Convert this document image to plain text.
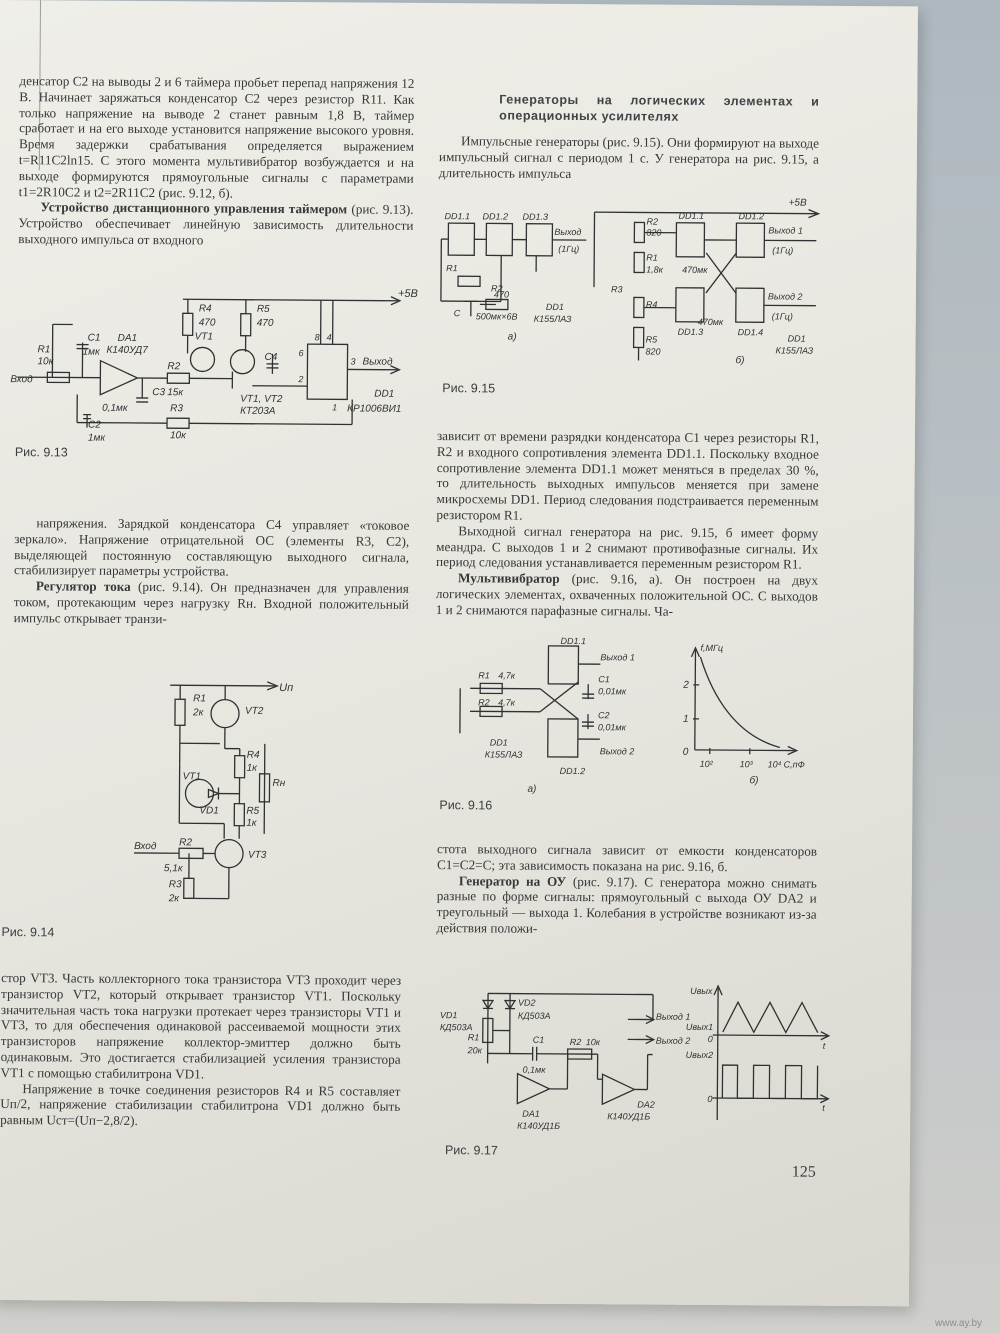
денсатор С2 на выводы 2 и 6 таймера пробьет перепад напряжения 12 В. Начинает заряжаться конденсатор С2 через резистор R11. Как только напряжение на выводе 2 станет равным 1,8 В, таймер сработает и на его выходе установится напряжение высокого уровня. Время задержки срабатывания определяется выражением t=R11C2ln15. С этого момента мультивибратор возбуждается и на выходе формируются прямоугольные сигналы с параметрами t1=2R10C2 и t2=2R11C2 (рис. 9.12, б).

Устройство дистанционного управления таймером (рис. 9.13). Устройство обеспечивает линейную зависимость длительности выходного импульса от входного

+5В
R1
10к
C1
1мк
DA1
К140УД7
R4
470
R5
470
VT1
C4
R2
15к
C3
0,1мк	R3
10к
C2
1мк
VT1, VT2
КТ203А
DD1
КР1006ВИ1
Вход
Выход
8 4
6
2
3
1
Рис. 9.13

напряжения. Зарядкой конденсатора С4 управляет «токовое зеркало». Напряжение отрицательной ОС (элементы R3, C2), выделяющей постоянную составляющую выходного сигнала, стабилизирует параметры устройства.

Регулятор тока (рис. 9.14). Он предназначен для управления током, протекающим через нагрузку Rн. Входной положительный импульс открывает транзи-

Uп
R1
2к	VT2
R4
1к
VT1
Rн
VD1	R5
1к
Вход R2
5,1к
VT3
R3
2к
Рис. 9.14

стор VT3. Часть коллекторного тока транзистора VT3 проходит через транзистор VT2, который открывает транзистор VT1. Поскольку значительная часть тока нагрузки протекает через транзисторы VT1 и VT3, то для обеспечения одинаковой рассеиваемой мощности этих транзисторов напряжение коллектор-эмиттер должно быть одинаковым. Это достигается стабилизацией усиления транзистора VT1 с помощью стабилитрона VD1.

Напряжение в точке соединения резисторов R4 и R5 составляет Uп/2, напряжение стабилизации стабилитрона VD1 должно быть равным Uст=(Uп−2,8/2).

Генераторы на логических элементах и операционных усилителях

Импульсные генераторы (рис. 9.15). Они формируют на выходе импульсный сигнал с периодом 1 с. У генератора на рис. 9.15, а длительность импульса

DD1.1 DD1.2 DD1.3
Выход
(1Гц)
R1
R2
470
C 500мк×6В
DD1
К155ЛАЗ
а)
+5В
R2
820
R1
1,8к
R3
R4
R5
820
DD1.1	DD1.2
DD1.3	DD1.4
470мк
470мк
Выход 1
(1Гц)
Выход 2
(1Гц)
DD1
К155ЛАЗ
б)
Рис. 9.15

зависит от времени разрядки конденсатора С1 через резисторы R1, R2 и входного сопротивления элемента DD1.1. Поскольку входное сопротивление элемента DD1.1 может меняться в пределах 30 %, то длительность выходных импульсов меняется при замене микросхемы DD1. Период следования подстраивается переменным резистором R1.

Выходной сигнал генератора на рис. 9.15, б имеет форму меандра. С выходов 1 и 2 снимают противофазные сигналы. Их период следования устанавливается переменным резистором R1.

Мультивибратор (рис. 9.16, а). Он построен на двух логических элементах, охваченных положительной ОС. С выходов 1 и 2 снимаются парафазные сигналы. Ча-

DD1.1
Выход 1
R1 4,7к	C1
0,01мк
R2 4,7к
C2
0,01мк
DD1
К155ЛАЗ	Выход 2
DD1.2
а)
f,МГц
2
1
0
10²	10³ 10⁴ C,пФ
б)
Рис. 9.16

стота выходного сигнала зависит от емкости конденсаторов С1=С2=С; эта зависимость показана на рис. 9.16, б.

Генератор на ОУ (рис. 9.17). С генератора можно снимать разные по форме сигналы: прямоугольный с выхода ОУ DA2 и треугольный — выхода 1. Колебания в устройстве возникают из-за действия положи-

VD1
КД503А
VD2
КД503А
R1
20к
C1
0,1мк
R2 10к
Выход 1
Выход 2
DA1
К140УД1Б
DA2
К140УД1Б
Uвых
Uвых1
Uвых2
0
0
t
t
Рис. 9.17
125
www.ay.by
